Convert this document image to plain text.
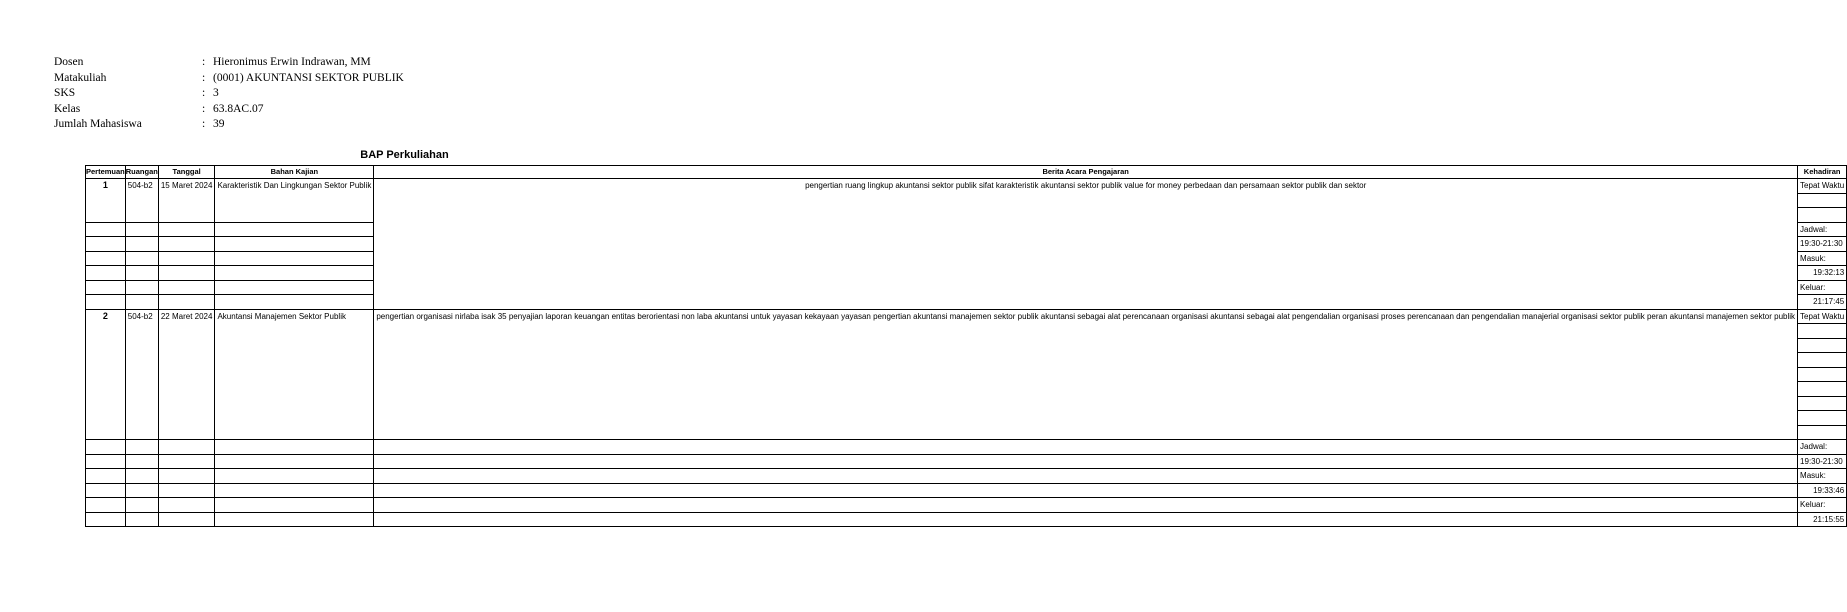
Dosen	: Hieronimus Erwin Indrawan, MM
Matakuliah	: (0001) AKUNTANSI SEKTOR PUBLIK
SKS	: 3
Kelas	: 63.8AC.07
Jumlah Mahasiswa	: 39
BAP Perkuliahan
Pertemuan	Ruangan	Tanggal	Bahan Kajian	Berita Acara Pengajaran	Kehadiran
1	504-b2	15 Maret 2024	Karakteristik Dan Lingkungan Sektor Publik	pengertian ruang lingkup akuntansi sektor publik sifat karakteristik akuntansi sektor publik value for money perbedaan dan persamaan sektor publik dan sektor	Tepat Waktu

					Jadwal:
					19:30-21:30
					Masuk:
					19:32:13
					Keluar:
					21:17:45
2	504-b2	22 Maret 2024	Akuntansi Manajemen Sektor Publik	pengertian organisasi nirlaba isak 35 penyajian laporan keuangan entitas berorientasi non laba akuntansi untuk yayasan kekayaan yayasan pengertian akuntansi manajemen sektor publik akuntansi sebagai alat perencanaan organisasi akuntansi sebagai alat pengendalian organisasi proses perencanaan dan pengendalian manajerial organisasi sektor publik peran akuntansi manajemen sektor publik	Tepat Waktu

					Jadwal:
					19:30-21:30
					Masuk:
					19:33:46
					Keluar:
					21:15:55
